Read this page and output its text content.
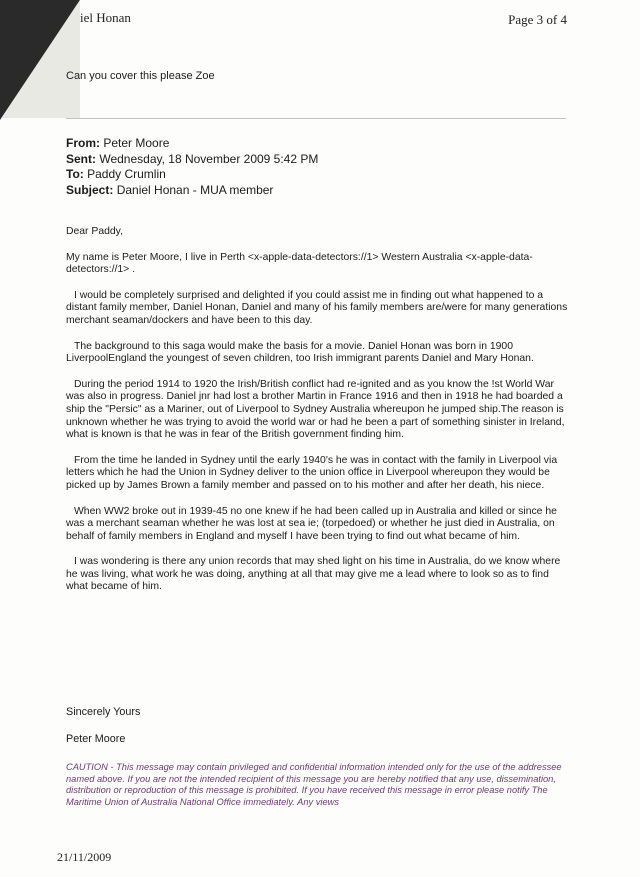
iel Honan	Page 3 of 4
Can you cover this please Zoe
From: Peter Moore
Sent: Wednesday, 18 November 2009 5:42 PM
To: Paddy Crumlin
Subject: Daniel Honan - MUA member

Dear Paddy,

My name is Peter Moore, I live in Perth <x-apple-data-detectors://1> Western Australia <x-apple-data-detectors://1> .

I would be completely surprised and delighted if you could assist me in finding out what happened to a distant family member, Daniel Honan, Daniel and many of his family members are/were for many generations merchant seaman/dockers and have been to this day.

The background to this saga would make the basis for a movie. Daniel Honan was born in 1900 LiverpoolEngland the youngest of seven children, too Irish immigrant parents Daniel and Mary Honan.

During the period 1914 to 1920 the Irish/British conflict had re-ignited and as you know the !st World War was also in progress. Daniel jnr had lost a brother Martin in France 1916 and then in 1918 he had boarded a ship the "Persic" as a Mariner, out of Liverpool to Sydney Australia whereupon he jumped ship.The reason is unknown whether he was trying to avoid the world war or had he been a part of something sinister in Ireland, what is known is that he was in fear of the British government finding him.

From the time he landed in Sydney until the early 1940's he was in contact with the family in Liverpool via letters which he had the Union in Sydney deliver to the union office in Liverpool whereupon they would be picked up by James Brown a family member and passed on to his mother and after her death, his niece.

When WW2 broke out in 1939-45 no one knew if he had been called up in Australia and killed or since he was a merchant seaman whether he was lost at sea ie; (torpedoed) or whether he just died in Australia, on behalf of family members in England and myself I have been trying to find out what became of him.

I was wondering is there any union records that may shed light on his time in Australia, do we know where he was living, what work he was doing, anything at all that may give me a lead where to look so as to find what became of him.

Sincerely Yours
Peter Moore
CAUTION - This message may contain privileged and confidential information intended only for the use of the addressee named above. If you are not the intended recipient of this message you are hereby notified that any use, dissemination, distribution or reproduction of this message is prohibited. If you have received this message in error please notify The Maritime Union of Australia National Office immediately. Any views
21/11/2009
